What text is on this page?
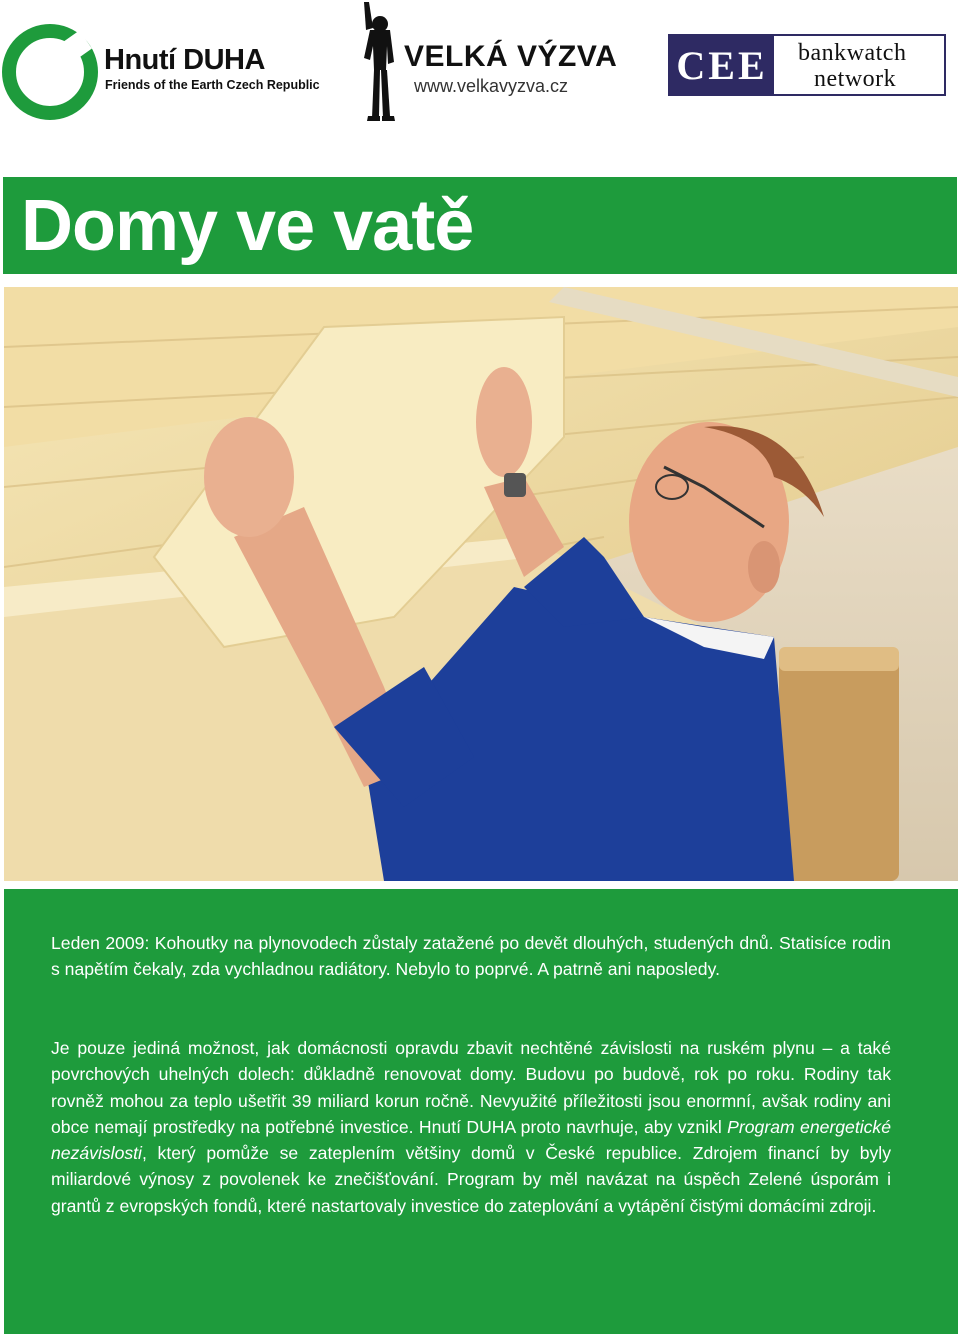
Hnutí DUHA
Friends of the Earth Czech Republic
VELKÁ VÝZVA
www.velkavyzva.cz	CEE bankwatch
network
Domy ve vatě

Leden 2009: Kohoutky na plynovodech zůstaly zatažené po devět dlouhých, studených dnů. Statisíce rodin s napětím čekaly, zda vychladnou radiátory. Nebylo to poprvé. A patrně ani naposledy.

Je pouze jediná možnost, jak domácnosti opravdu zbavit nechtěné závislosti na ruském plynu – a také povrchových uhelných dolech: důkladně renovovat domy. Budovu po budově, rok po roku. Rodiny tak rovněž mohou za teplo ušetřit 39 miliard korun ročně. Nevyužité příležitosti jsou enormní, avšak rodiny ani obce nemají prostředky na potřebné investice. Hnutí DUHA proto navrhuje, aby vznikl Program energetické nezávislosti, který pomůže se zateplením většiny domů v České republice. Zdrojem financí by byly miliardové výnosy z povolenek ke znečišťování. Program by měl navázat na úspěch Zelené úsporám i grantů z evropských fondů, které nastartovaly investice do zateplování a vytápění čistými domácími zdroji.
